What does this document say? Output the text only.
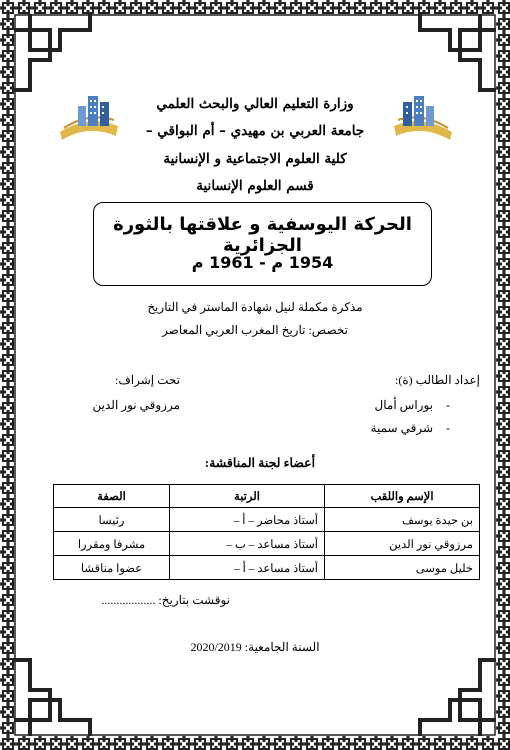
وزارة التعليم العالي والبحث العلمي
جامعة العربي بن مهيدي – أم البواقي –
كلية العلوم الاجتماعية و الإنسانية
قسم العلوم الإنسانية
الحركة اليوسفية و علاقتها بالثورة الجزائرية
1954 م - 1961 م
مذكرة مكملة لنيل شهادة الماستر في التاريخ
تخصص: تاريخ المغرب العربي المعاصر
إعداد الطالب (ة):
- بوراس أمال
- شرقي سمية
تحت إشراف:
مرزوقي نور الدين
أعضاء لجنة المناقشة:
الإسم واللقب	الرتبة	الصفة
بن حيدة يوسف	أستاذ محاضر – أ –	رئيسا
مرزوقي نور الدين	أستاذ مساعد – ب –	مشرفا ومقررا
خليل موسى	أستاذ مساعد – أ –	عضوا مناقشا
نوقشت بتاريخ: ..................
السنة الجامعية: 2020/2019
